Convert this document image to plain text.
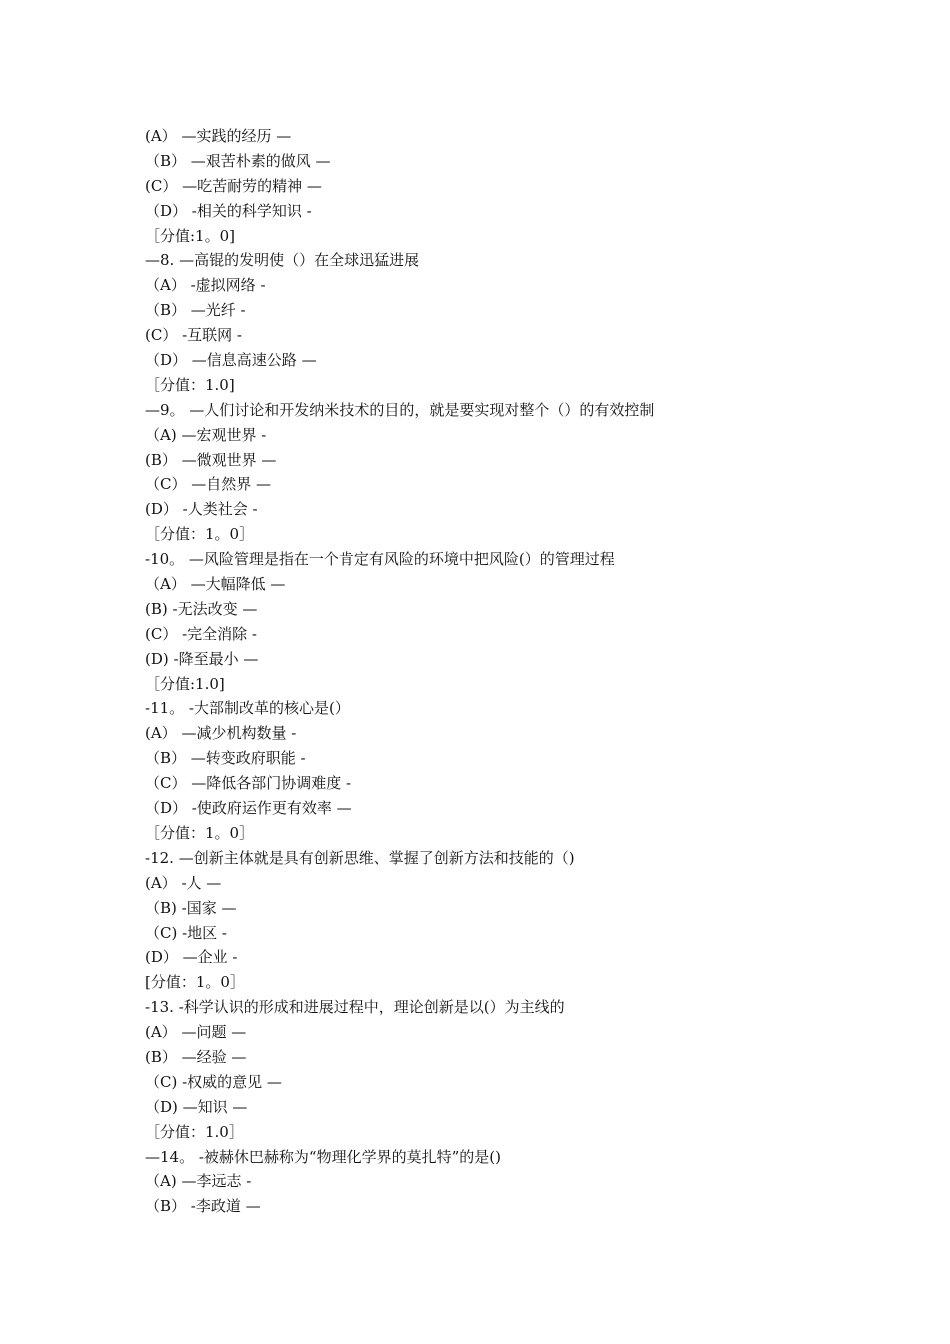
(A） —实践的经历 —
（B） —艰苦朴素的做风 —
(C） —吃苦耐劳的精神 —
（D） -相关的科学知识 -
［分值:1。0]
—8. —高锟的发明使（）在全球迅猛进展
（A） -虚拟网络 -
（B） —光纤 -
(C） -互联网 -
（D） —信息高速公路 —
［分值：1.0]
—9。 —人们讨论和开发纳米技术的目的，就是要实现对整个（）的有效控制
（A) —宏观世界 -
(B） —微观世界 —
（C） —自然界 —
(D） -人类社会 -
［分值：1。0］
-10。 —风险管理是指在一个肯定有风险的环境中把风险(）的管理过程
（A） —大幅降低 —
(B) -无法改变 —
(C） -完全消除 -
(D) -降至最小 —
［分值:1.0]
-11。 -大部制改革的核心是(）
(A） —减少机构数量 -
（B） —转变政府职能 -
（C） —降低各部门协调难度 -
（D） -使政府运作更有效率 —
［分值：1。0］
-12. —创新主体就是具有创新思维、掌握了创新方法和技能的（)
(A） -人 —
（B) -国家 —
（C) -地区 -
(D） —企业 -
[分值：1。0］
-13. -科学认识的形成和进展过程中，理论创新是以(）为主线的
(A） —问题 —
(B） —经验 —
（C) -权威的意见 —
（D) —知识 —
［分值：1.0］
—14。 -被赫休巴赫称为“物理化学界的莫扎特”的是()
（A) —李远志 -
（B） -李政道 —
